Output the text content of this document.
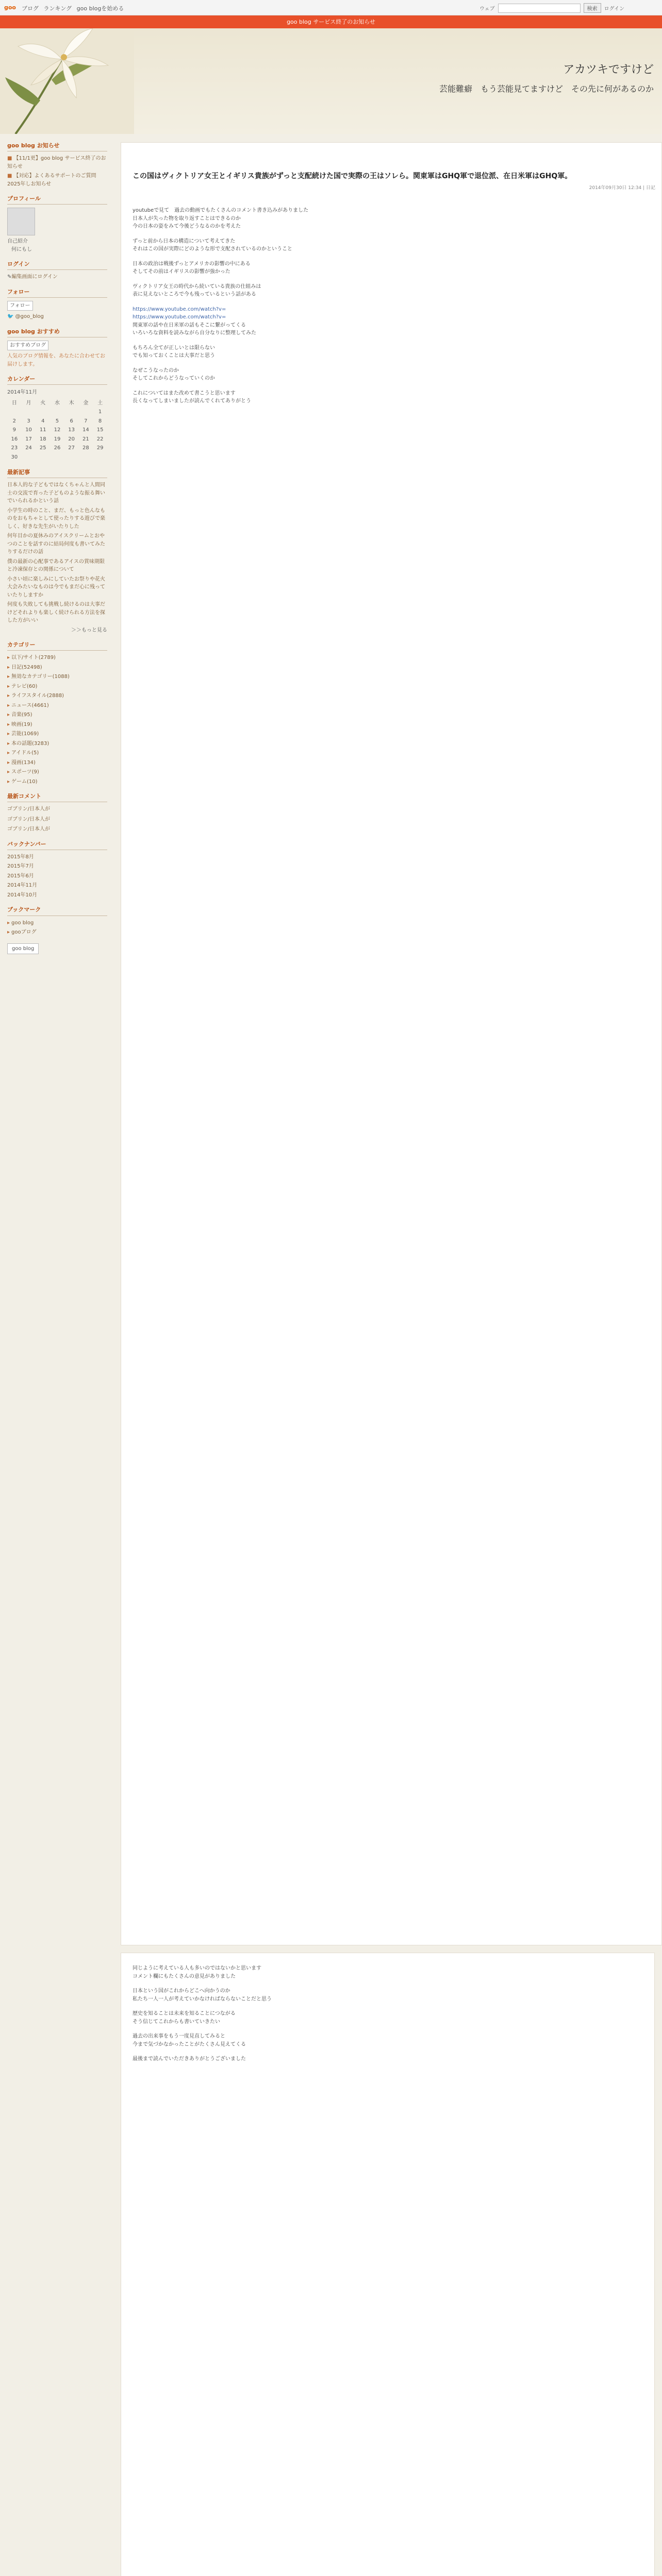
goo ブログ ランキング goo blogを始める	ウェブ	検索	ログイン
goo blog サービス終了のお知らせ
アカツキですけど
芸能難癖　もう芸能見てますけど　その先に何があるのか
goo blog お知らせ
■ 【11/1更】goo blog サービス終了のお知らせ
■ 【対応】よくあるサポートのご質問 2025年しお知らせ
プロフィール
自己紹介
何にもし
ログイン
✎編集画面にログイン
フォロー
フォロー
🐦 @goo_blog
goo blog おすすめ
おすすめブログ
人気のブログ情報を、あなたに合わせてお届けします。
カレンダー
2014年11月						
日	月	火	水	木	金	土
						1
2	3	4	5	6	7	8
9	10	11	12	13	14	15
16	17	18	19	20	21	22
23	24	25	26	27	28	29
30						
最新記事
日本人的な子どもではなくちゃんと人間同士の交流で育った子どものような振る舞いでいられるかという話
小学生の時のこと、まだ、もっと色んなものをおもちゃとして使ったりする遊びで楽しく、好きな先生がいたりした
何年目かの夏休みのアイスクリームとおやつのことを話すのに結局何度も書いてみたりするだけの話
僕の最新の心配事であるアイスの賞味期限と冷凍保存との関係について
小さい頃に楽しみにしていたお祭りや花火大会みたいなものは今でもまだ心に残っていたりしますか
何度も失敗しても挑戦し続けるのは大事だけどそれよりも楽しく続けられる方法を探した方がいい
＞＞もっと見る
カテゴリー
▸ 以下/サイト(2789)
▸ 日記(52498)
▸ 無効なカテゴリー(1088)
▸ テレビ(60)
▸ ライフスタイル(2888)
▸ ニュース(4661)
▸ 音楽(95)
▸ 映画(19)
▸ 芸能(1069)
▸ 本の話題(3283)
▸ アイドル(5)
▸ 漫画(134)
▸ スポーツ(9)
▸ ゲーム(10)
最新コメント
ゴブリン/日本人が
ゴブリン/日本人が
ゴブリン/日本人が
バックナンバー
2015年8月
2015年7月
2015年6月
2014年11月
2014年10月
ブックマーク
▸ goo blog
▸ gooブログ
goo blog
この国はヴィクトリア女王とイギリス貴族がずっと支配続けた国で実際の王はソレら。関東軍はGHQ軍で退位派、在日米軍はGHQ軍。
2014年09月30日 12:34 | 日記

youtubeで見て　過去の動画でもたくさんのコメント書き込みがありました
日本人が失った物を取り返すことはできるのか
今の日本の姿をみて今後どうなるのかを考えた

ずっと前から日本の構造について考えてきた
それはこの国が実際にどのような形で支配されているのかということ

日本の政治は戦後ずっとアメリカの影響の中にある
そしてその前はイギリスの影響が強かった

ヴィクトリア女王の時代から続いている貴族の仕組みは
表に見えないところで今も残っているという話がある

https://www.youtube.com/watch?v=
https://www.youtube.com/watch?v=

関東軍の話や在日米軍の話もそこに繋がってくる
いろいろな資料を読みながら自分なりに整理してみた

もちろん全てが正しいとは限らない
でも知っておくことは大事だと思う

なぜこうなったのか
そしてこれからどうなっていくのか

これについてはまた改めて書こうと思います
長くなってしまいましたが読んでくれてありがとう

同じように考えている人も多いのではないかと思います
コメント欄にもたくさんの意見がありました

日本という国がこれからどこへ向かうのか
私たち一人一人が考えていかなければならないことだと思う

歴史を知ることは未来を知ることにつながる
そう信じてこれからも書いていきたい

過去の出来事をもう一度見直してみると
今まで気づかなかったことがたくさん見えてくる

最後まで読んでいただきありがとうございました
